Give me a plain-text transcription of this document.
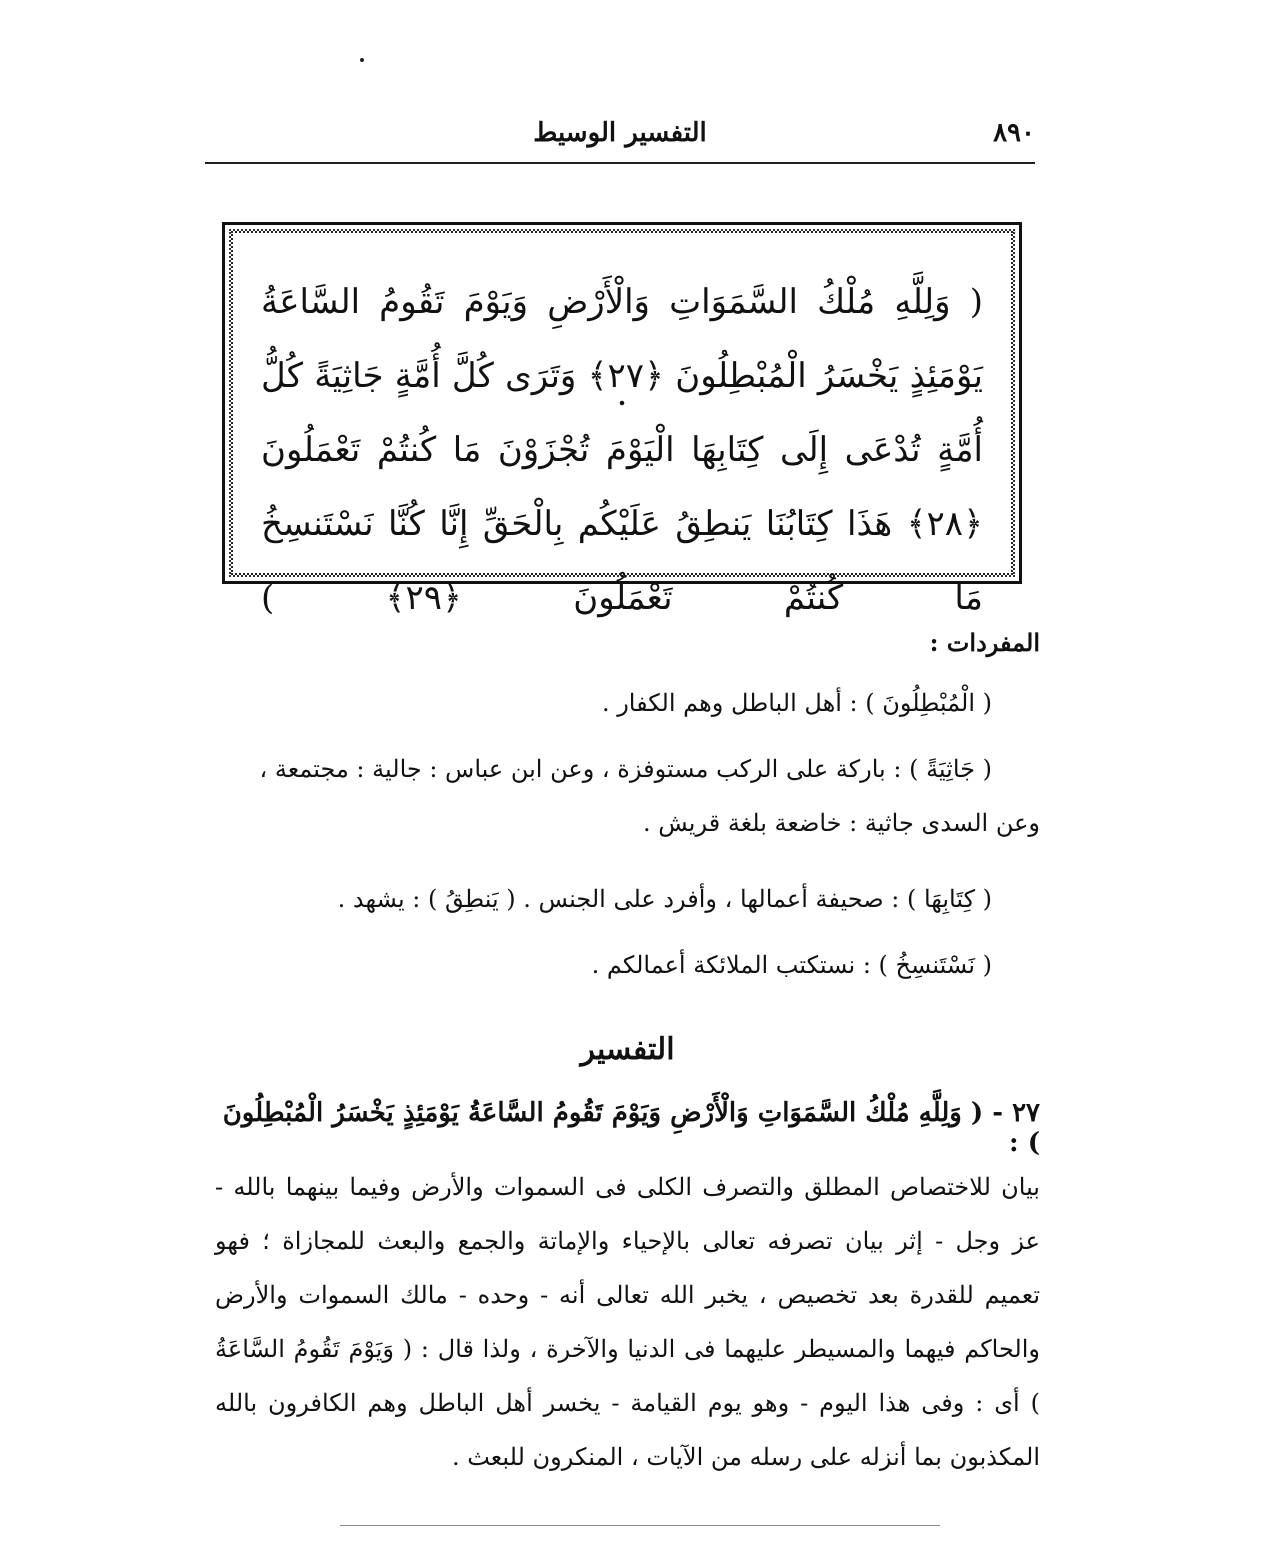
٨٩٠
التفسير الوسيط
( وَلِلَّهِ مُلْكُ السَّمَوَاتِ وَالْأَرْضِ وَيَوْمَ تَقُومُ السَّاعَةُ يَوْمَئِذٍ يَخْسَرُ الْمُبْطِلُونَ ﴿٢٧﴾ وَتَرَى كُلَّ أُمَّةٍ جَاثِيَةً كُلُّ أُمَّةٍ تُدْعَى إِلَى كِتَابِهَا الْيَوْمَ تُجْزَوْنَ مَا كُنتُمْ تَعْمَلُونَ ﴿٢٨﴾ هَذَا كِتَابُنَا يَنطِقُ عَلَيْكُم بِالْحَقِّ إِنَّا كُنَّا نَسْتَنسِخُ مَا كُنتُمْ تَعْمَلُونَ ﴿٢٩﴾ )
المفردات :
( الْمُبْطِلُونَ ) : أهل الباطل وهم الكفار .
( جَاثِيَةً ) : باركة على الركب مستوفزة ، وعن ابن عباس : جالية : مجتمعة ،
وعن السدى جاثية : خاضعة بلغة قريش .
( كِتَابِهَا ) : صحيفة أعمالها ، وأفرد على الجنس . ( يَنطِقُ ) : يشهد .
( نَسْتَنسِخُ ) : نستكتب الملائكة أعمالكم .
التفسير
٢٧ - ( وَلِلَّهِ مُلْكُ السَّمَوَاتِ وَالْأَرْضِ وَيَوْمَ تَقُومُ السَّاعَةُ يَوْمَئِذٍ يَخْسَرُ الْمُبْطِلُونَ ) :
بيان للاختصاص المطلق والتصرف الكلى فى السموات والأرض وفيما بينهما بالله - عز وجل - إثر بيان تصرفه تعالى بالإحياء والإماتة والجمع والبعث للمجازاة ؛ فهو تعميم للقدرة بعد تخصيص ، يخبر الله تعالى أنه - وحده - مالك السموات والأرض والحاكم فيهما والمسيطر عليهما فى الدنيا والآخرة ، ولذا قال : ( وَيَوْمَ تَقُومُ السَّاعَةُ ) أى : وفى هذا اليوم - وهو يوم القيامة - يخسر أهل الباطل وهم الكافرون بالله المكذبون بما أنزله على رسله من الآيات ، المنكرون للبعث .
